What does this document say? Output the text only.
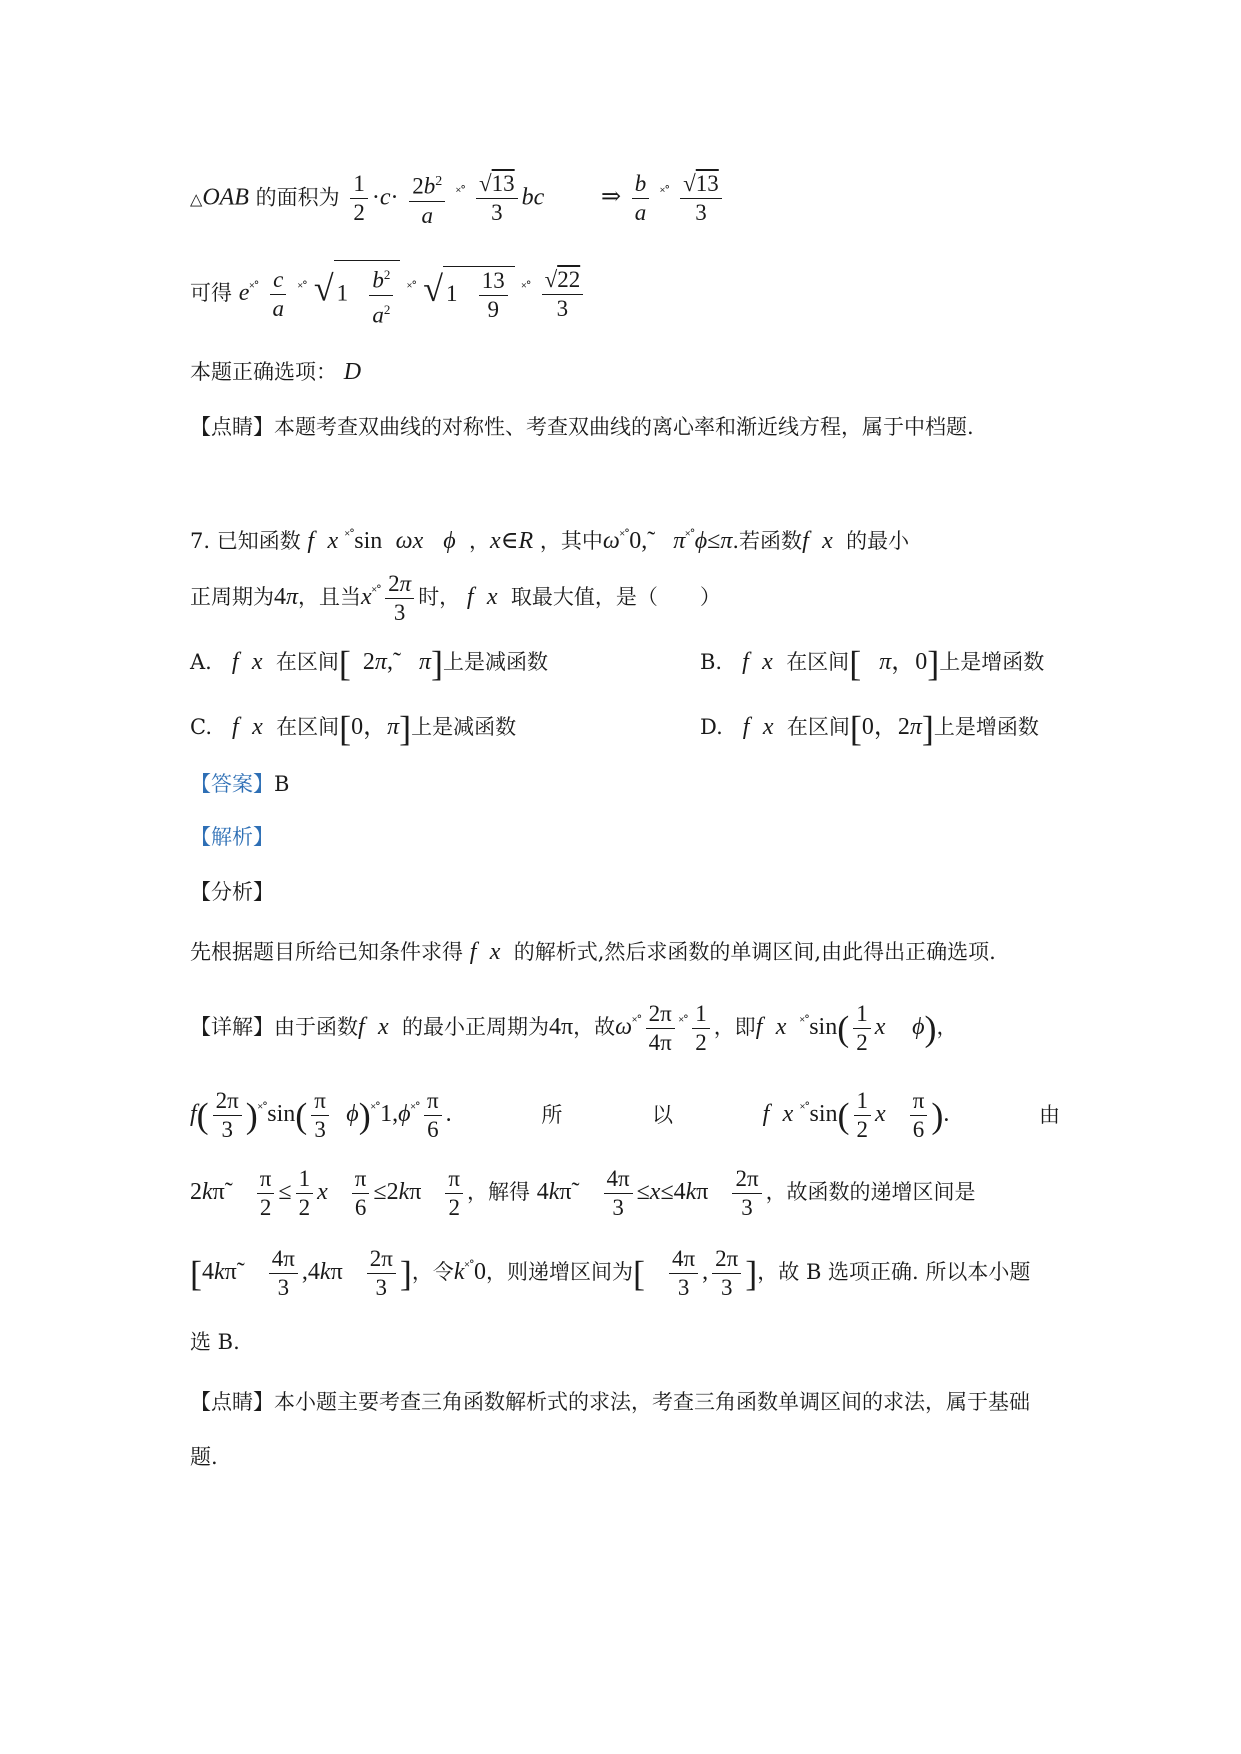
△OAB 的面积为 $\frac{1}{2} \cdot c\cdot \frac{2b^2}{a} ^{˟˚} \frac{√13}{3}$ bc ⇒ $\frac{b}{a} ^{˟˚} \frac{√13}{3}$
可得 $e^{˟˚} \frac{c}{a} ^{˟˚}$ √ $1 \frac{b^2}{a^2} ^{˟˚}$ √ $1 \frac{13}{9} ^{˟˚} \frac{√22}{3}$
本题正确选项： D
【点睛】本题考查双曲线的对称性、考查双曲线的离心率和渐近线方程，属于中档题.
7. 已知函数 f x ˟˚sin ωx ϕ  ，x∈R ，其中ω˟˚0,˜   π˟˚ϕ≤π.若函数f x 的最小
正周期为4π，且当$x^{˟˚} \frac{2\pi}{3}$ 时， f x 取最大值，是（　　）
A. f x 在区间[  2π,˜   π]上是减函数	B. f x 在区间[ π，0]上是增函数
C. f x 在区间[0，π]上是减函数	D. f x 在区间[0，2π]上是增函数
【答案】B
【解析】
【分析】
先根据题目所给已知条件求得 f x 的解析式,然后求函数的单调区间,由此得出正确选项.
【详解】由于函数f x 的最小正周期为4π，故$\omega^{˟˚} \frac{2\pi}{4\pi} ^{˟˚} \frac{1}{2}$ ，即f x $^{˟˚}\sin( \frac{1}{2}$ x ϕ)，
$f( \frac{2\pi}{3} )^{˟˚}\sin( \frac{\pi}{3} \phi)^{˟˚}1,\phi^{˟˚} \frac{\pi}{6}$ .	所	以	f x $^{˟˚}\sin( \frac{1}{2}$ x $\frac{\pi}{6}$ ).	由
2kπ˜ $\frac{\pi}{2} \le \frac{1}{2}$ x $\frac{\pi}{6} \le 2k\pi \frac{\pi}{2}$ ，解得 4kπ˜ $\frac{4\pi}{3} \le x\le 4k\pi \frac{2\pi}{3}$ ，故函数的递增区间是
[4kπ˜ $\frac{4\pi}{3} ,4k\pi \frac{2\pi}{3}$ ]，令k˟˚0，则递增区间为[ $\frac{4\pi}{3}$ , $\frac{2\pi}{3}$ ]，故 B 选项正确. 所以本小题
选 B.
【点睛】本小题主要考查三角函数解析式的求法，考查三角函数单调区间的求法，属于基础
题.
